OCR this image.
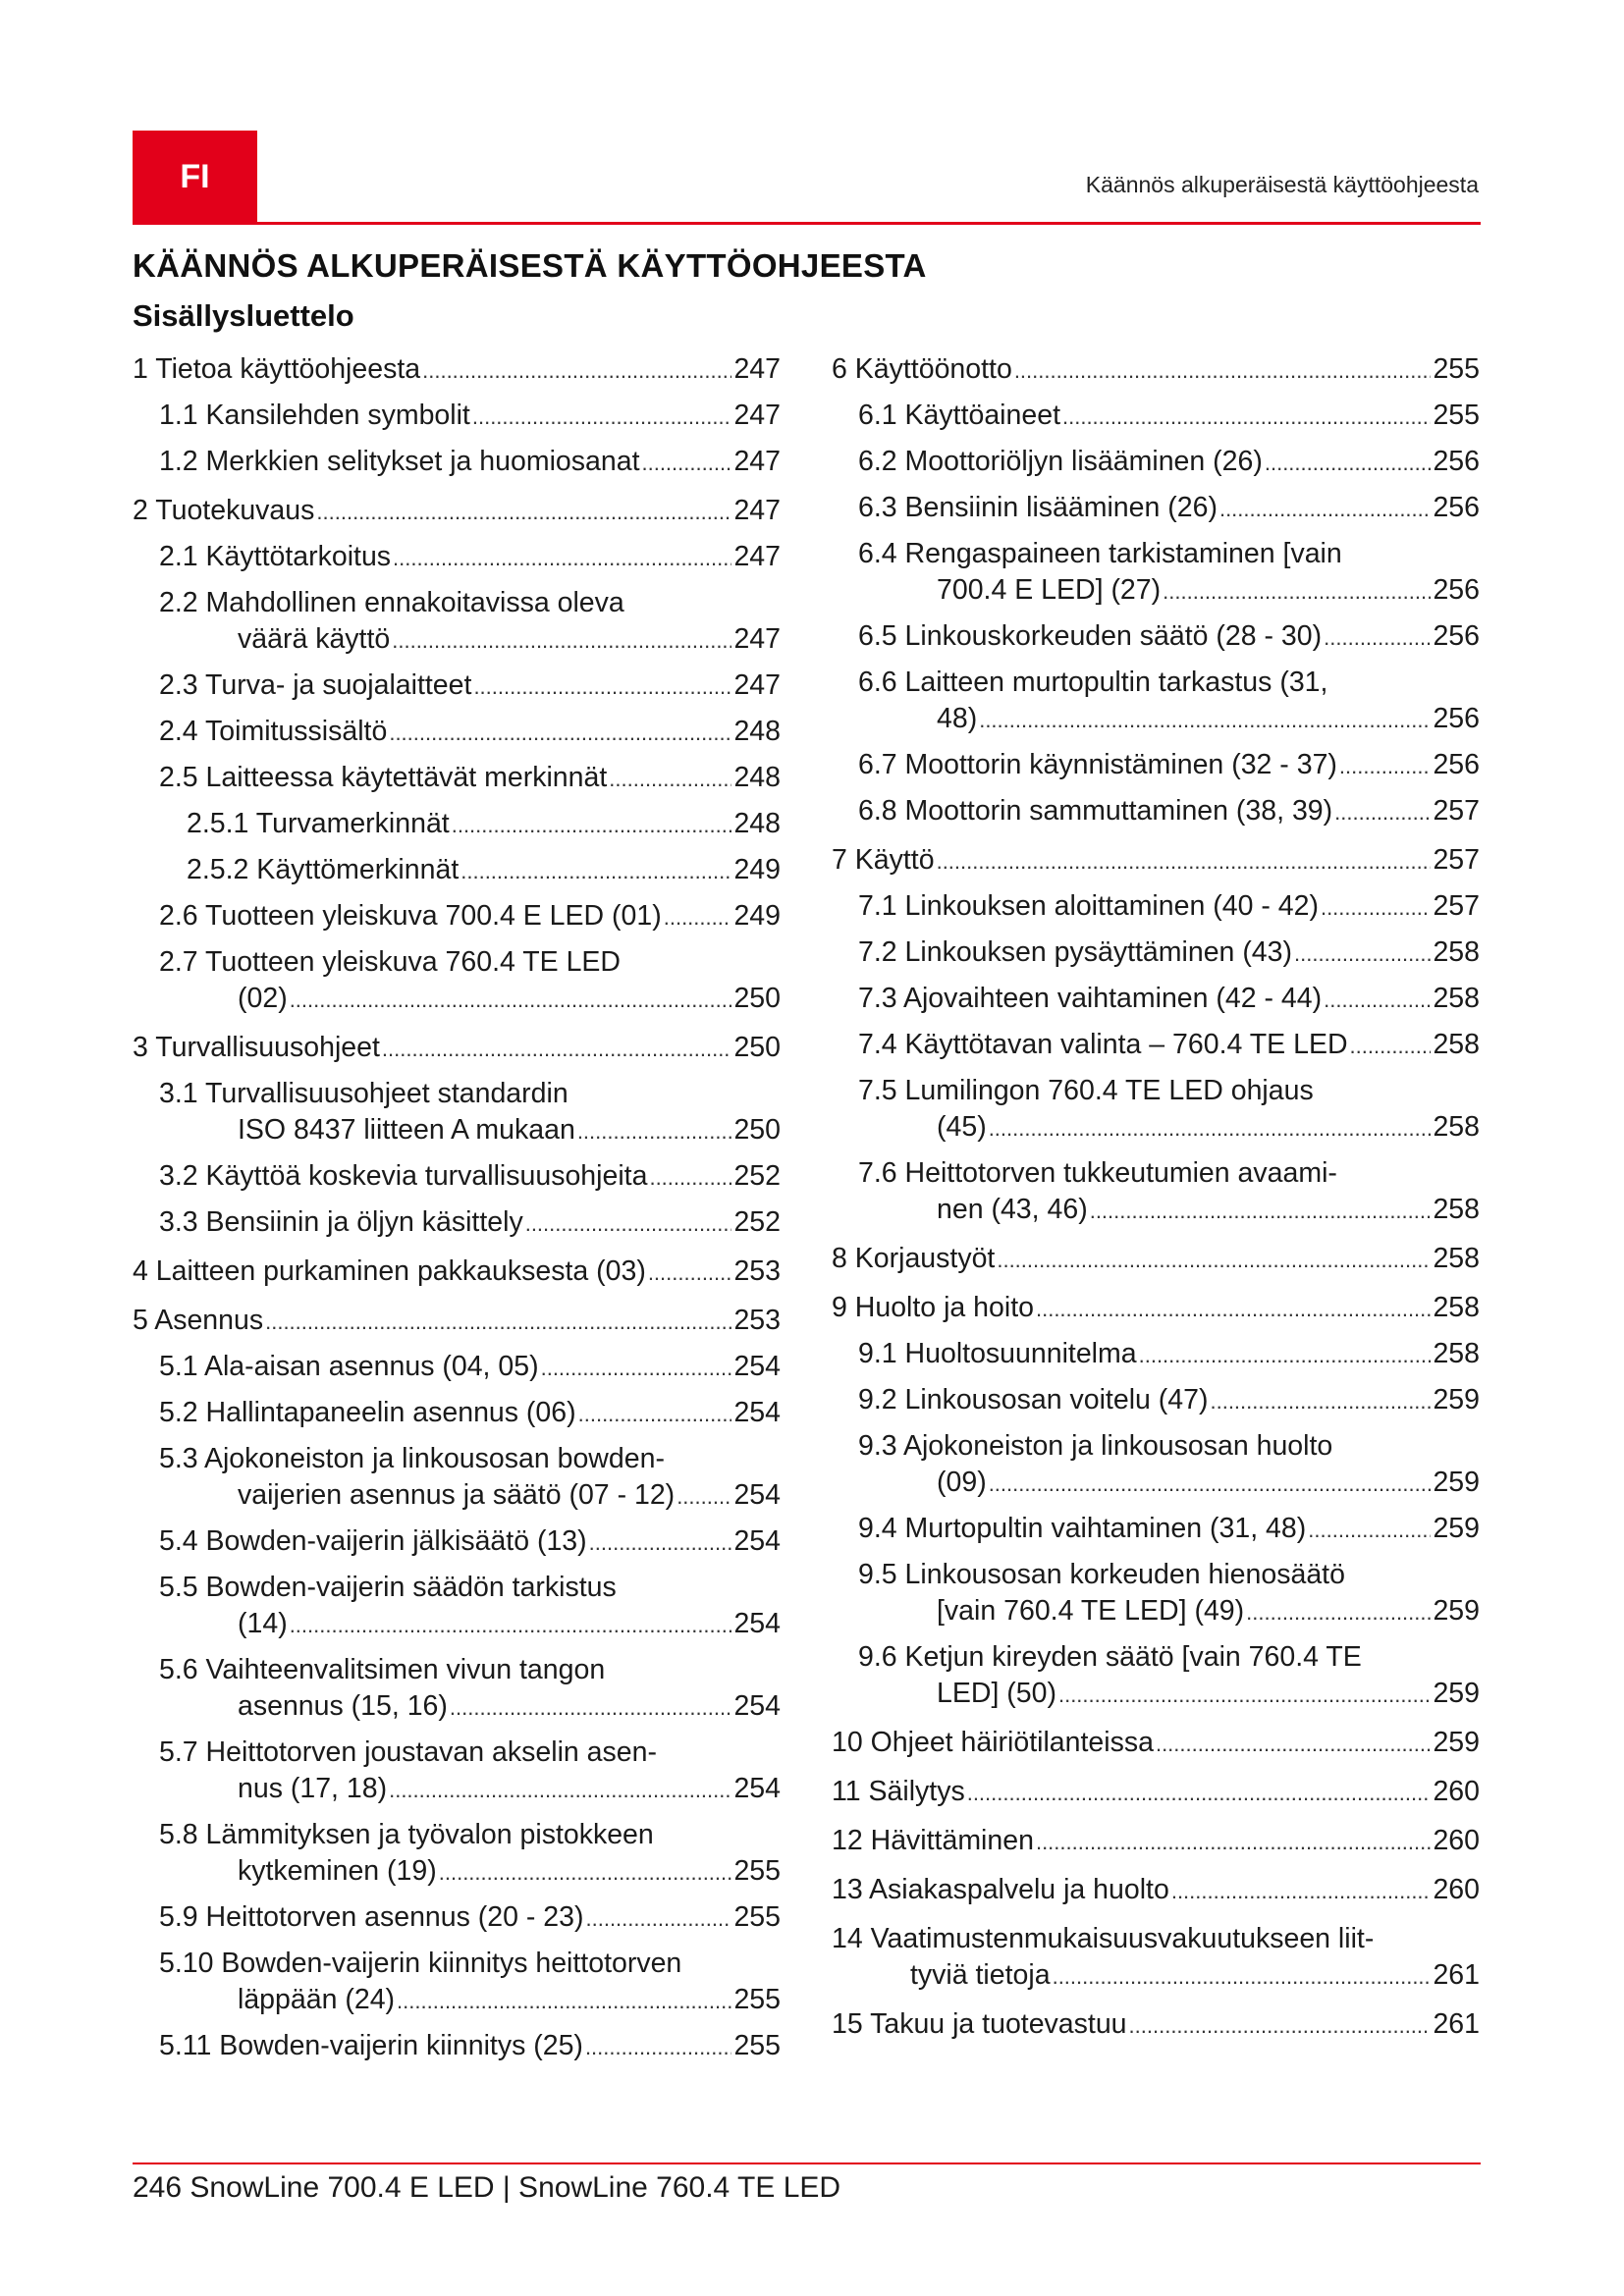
FI	Käännös alkuperäisestä käyttöohjeesta
KÄÄNNÖS ALKUPERÄISESTÄ KÄYTTÖOHJEESTA
Sisällysluettelo
1 Tietoa käyttöohjeesta .....	247
1.1 Kansilehden symbolit .....	247
1.2 Merkkien selitykset ja huomiosanat .....	247
2 Tuotekuvaus .....	247
2.1 Käyttötarkoitus .....	247
2.2 Mahdollinen ennakoitavissa oleva
väärä käyttö .....	247
2.3 Turva- ja suojalaitteet .....	247
2.4 Toimitussisältö .....	248
2.5 Laitteessa käytettävät merkinnät .....	248
2.5.1 Turvamerkinnät .....	248
2.5.2 Käyttömerkinnät .....	249
2.6 Tuotteen yleiskuva 700.4 E LED (01) .....	249
2.7 Tuotteen yleiskuva 760.4 TE LED
(02) .....	250
3 Turvallisuusohjeet .....	250
3.1 Turvallisuusohjeet standardin
ISO 8437 liitteen A mukaan .....	250
3.2 Käyttöä koskevia turvallisuusohjeita .....	252
3.3 Bensiinin ja öljyn käsittely .....	252
4 Laitteen purkaminen pakkauksesta (03) .....	253
5 Asennus .....	253
5.1 Ala-aisan asennus (04, 05) .....	254
5.2 Hallintapaneelin asennus (06) .....	254
5.3 Ajokoneiston ja linkousosan bowden-
vaijerien asennus ja säätö (07 - 12) ..... 254
5.4 Bowden-vaijerin jälkisäätö (13) .....	254
5.5 Bowden-vaijerin säädön tarkistus
(14) .....	254
5.6 Vaihteenvalitsimen vivun tangon
asennus (15, 16) .....	254
5.7 Heittotorven joustavan akselin asen-
nus (17, 18) .....	254
5.8 Lämmityksen ja työvalon pistokkeen
kytkeminen (19) .....	255
5.9 Heittotorven asennus (20 - 23) .....	255
5.10 Bowden-vaijerin kiinnitys heittotorven
läppään (24) .....	255
5.11 Bowden-vaijerin kiinnitys (25) .....	255
6 Käyttöönotto .....	255
6.1 Käyttöaineet .....	255
6.2 Moottoriöljyn lisääminen (26) .....	256
6.3 Bensiinin lisääminen (26) .....	256
6.4 Rengaspaineen tarkistaminen [vain
700.4 E LED] (27) .....	256
6.5 Linkouskorkeuden säätö (28 - 30) .....	256
6.6 Laitteen murtopultin tarkastus (31,
48) .....	256
6.7 Moottorin käynnistäminen (32 - 37) .....	256
6.8 Moottorin sammuttaminen (38, 39) .....	257
7 Käyttö .....	257
7.1 Linkouksen aloittaminen (40 - 42) .....	257
7.2 Linkouksen pysäyttäminen (43) .....	258
7.3 Ajovaihteen vaihtaminen (42 - 44) .....	258
7.4 Käyttötavan valinta – 760.4 TE LED .....	258
7.5 Lumilingon 760.4 TE LED ohjaus
(45) .....	258
7.6 Heittotorven tukkeutumien avaami-
nen (43, 46) .....	258
8 Korjaustyöt .....	258
9 Huolto ja hoito .....	258
9.1 Huoltosuunnitelma .....	258
9.2 Linkousosan voitelu (47) .....	259
9.3 Ajokoneiston ja linkousosan huolto
(09) .....	259
9.4 Murtopultin vaihtaminen (31, 48) .....	259
9.5 Linkousosan korkeuden hienosäätö
[vain 760.4 TE LED] (49) .....	259
9.6 Ketjun kireyden säätö [vain 760.4 TE
LED] (50) .....	259
10 Ohjeet häiriötilanteissa .....	259
11 Säilytys .....	260
12 Hävittäminen .....	260
13 Asiakaspalvelu ja huolto .....	260
14 Vaatimustenmukaisuusvakuutukseen liit-
tyviä tietoja .....	261
15 Takuu ja tuotevastuu .....	261
246 SnowLine 700.4 E LED | SnowLine 760.4 TE LED
